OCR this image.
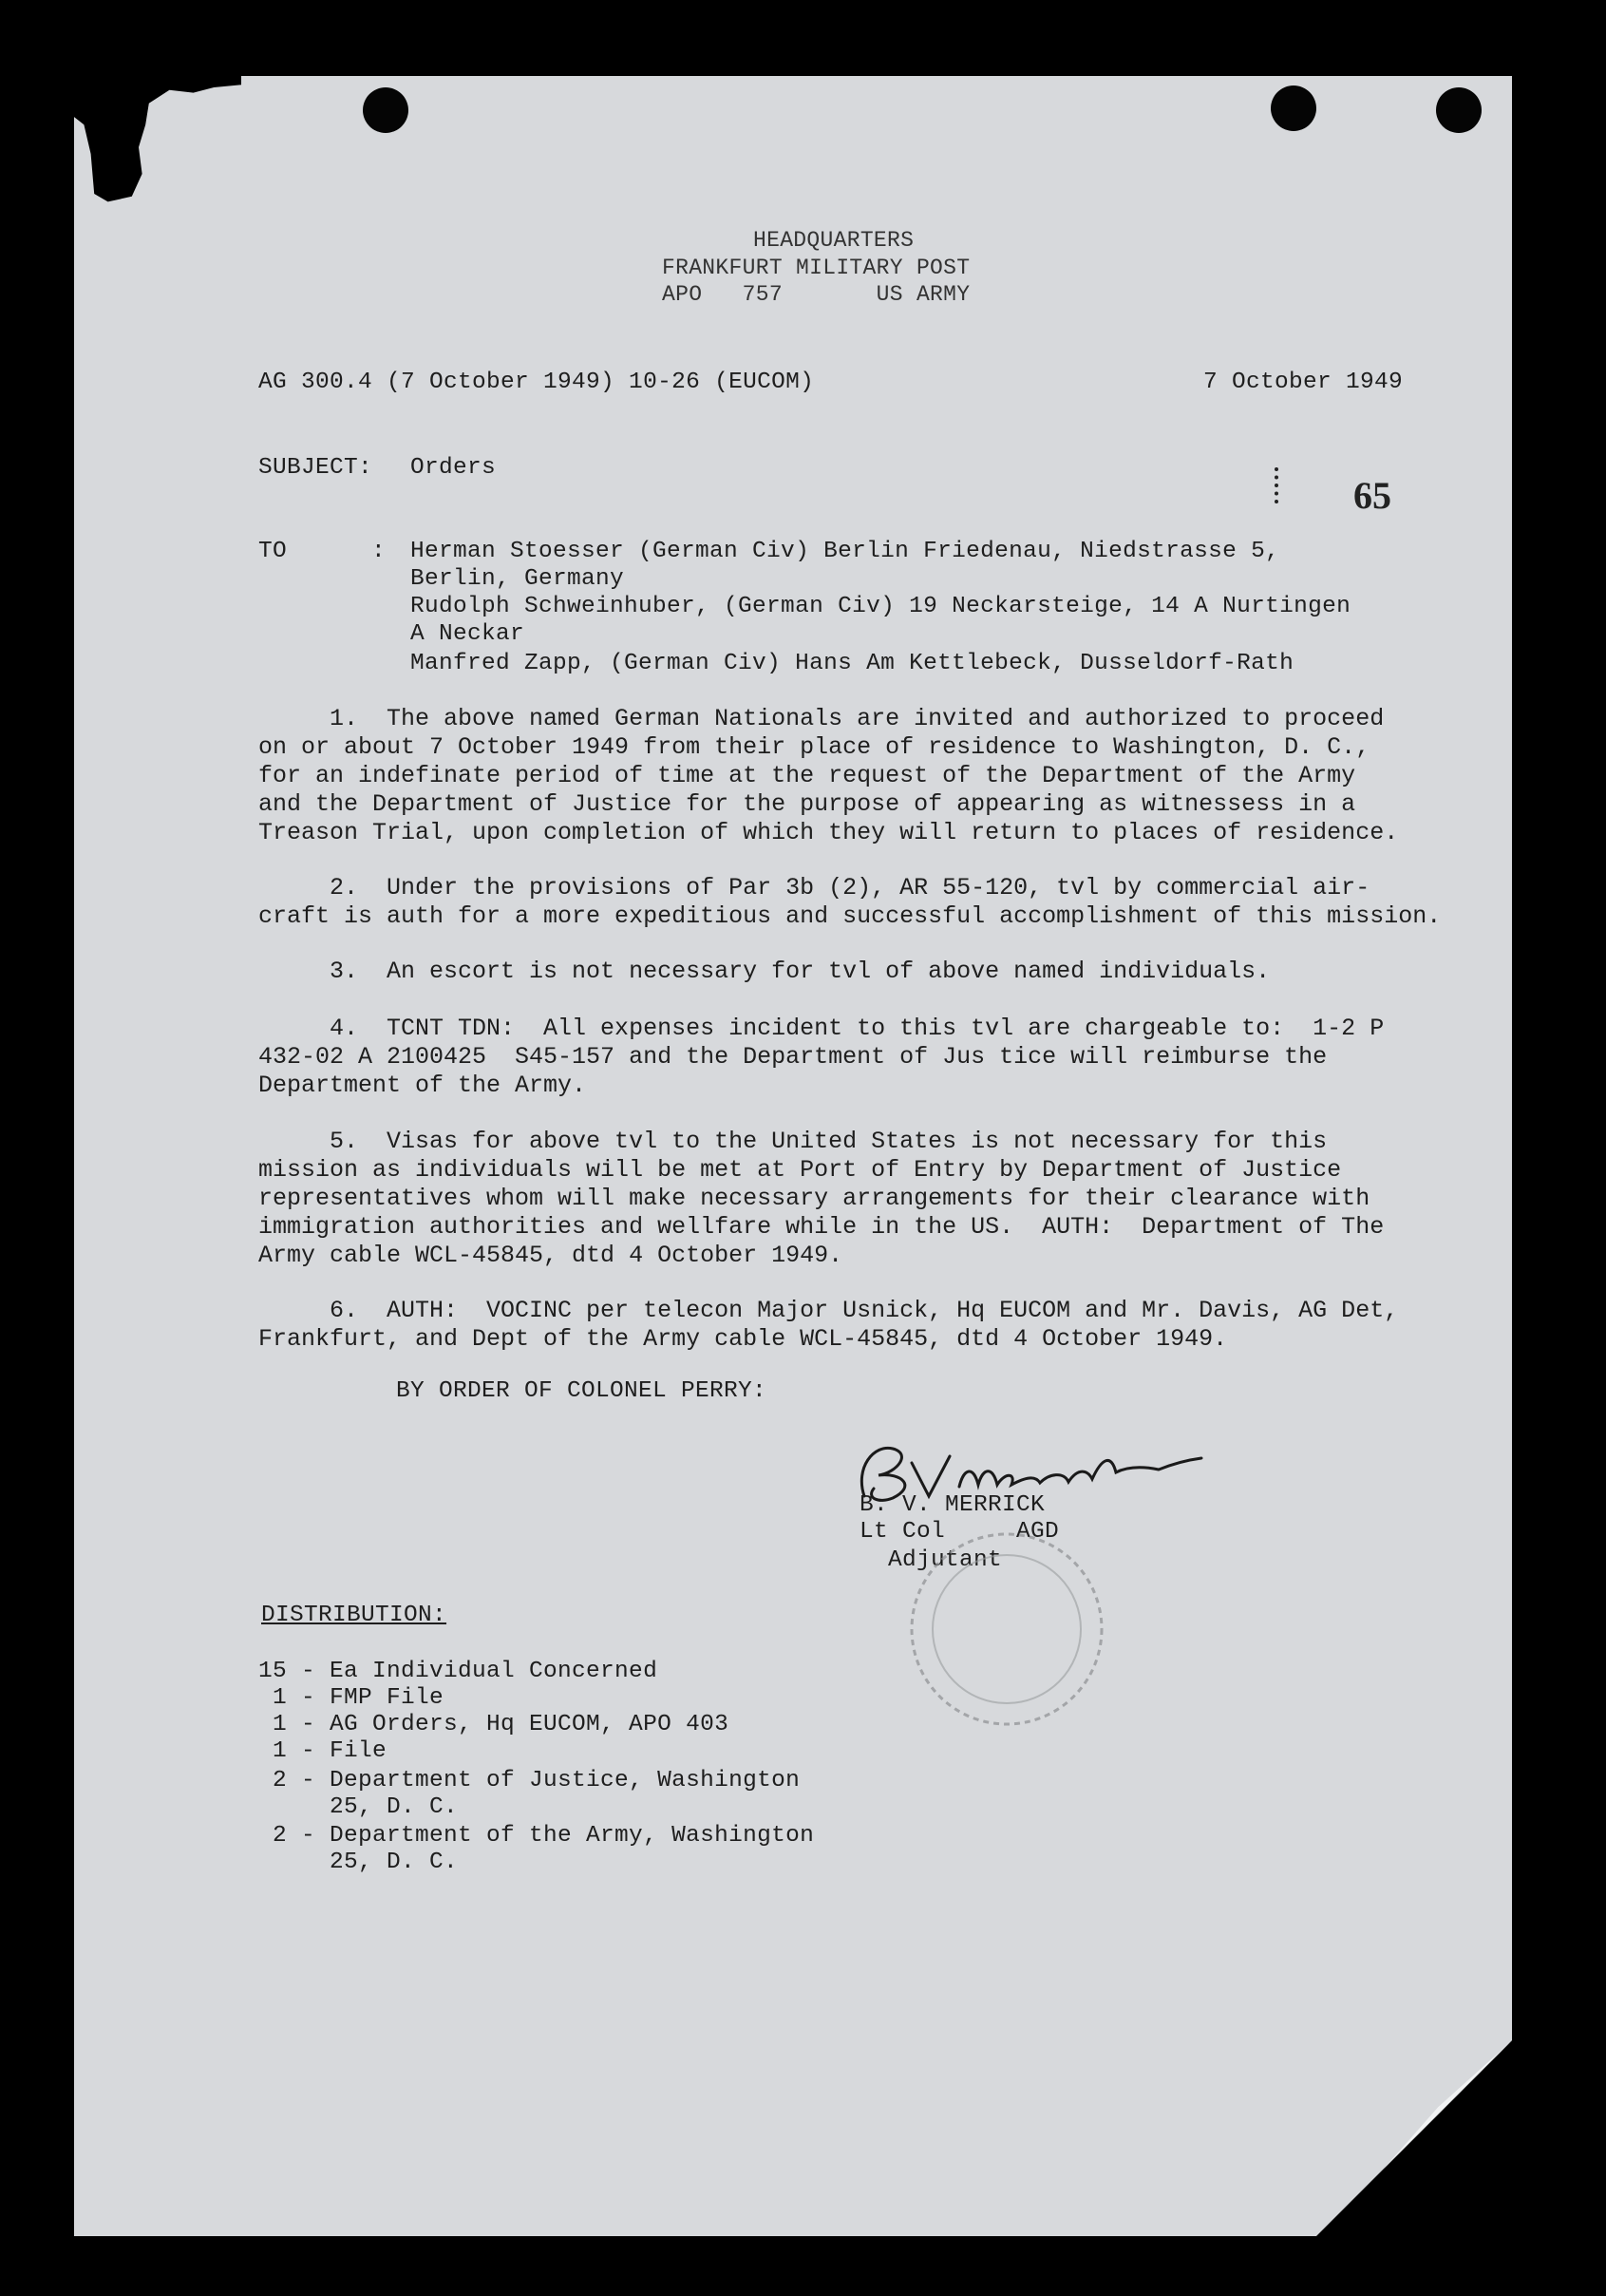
HEADQUARTERS
FRANKFURT MILITARY POST
APO   757       US ARMY
AG 300.4 (7 October 1949) 10-26 (EUCOM)	7 October 1949
SUBJECT: Orders
65
TO	: Herman Stoesser (German Civ) Berlin Friedenau, Niedstrasse 5,
Berlin, Germany
Rudolph Schweinhuber, (German Civ) 19 Neckarsteige, 14 A Nurtingen
A Neckar
Manfred Zapp, (German Civ) Hans Am Kettlebeck, Dusseldorf-Rath
1.  The above named German Nationals are invited and authorized to proceed
on or about 7 October 1949 from their place of residence to Washington, D. C.,
for an indefinate period of time at the request of the Department of the Army
and the Department of Justice for the purpose of appearing as witnessess in a
Treason Trial, upon completion of which they will return to places of residence.
2.  Under the provisions of Par 3b (2), AR 55-120, tvl by commercial air-
craft is auth for a more expeditious and successful accomplishment of this mission.
3.  An escort is not necessary for tvl of above named individuals.
4.  TCNT TDN:  All expenses incident to this tvl are chargeable to:  1-2 P
432-02 A 2100425  S45-157 and the Department of Jus tice will reimburse the
Department of the Army.
5.  Visas for above tvl to the United States is not necessary for this
mission as individuals will be met at Port of Entry by Department of Justice
representatives whom will make necessary arrangements for their clearance with
immigration authorities and wellfare while in the US.  AUTH:  Department of The
Army cable WCL-45845, dtd 4 October 1949.
6.  AUTH:  VOCINC per telecon Major Usnick, Hq EUCOM and Mr. Davis, AG Det,
Frankfurt, and Dept of the Army cable WCL-45845, dtd 4 October 1949.
BY ORDER OF COLONEL PERRY:
B. V. MERRICK
Lt Col     AGD
Adjutant
DISTRIBUTION:
15 - Ea Individual Concerned
1 - FMP File
1 - AG Orders, Hq EUCOM, APO 403
1 - File
2 - Department of Justice, Washington
25, D. C.
2 - Department of the Army, Washington
25, D. C.
